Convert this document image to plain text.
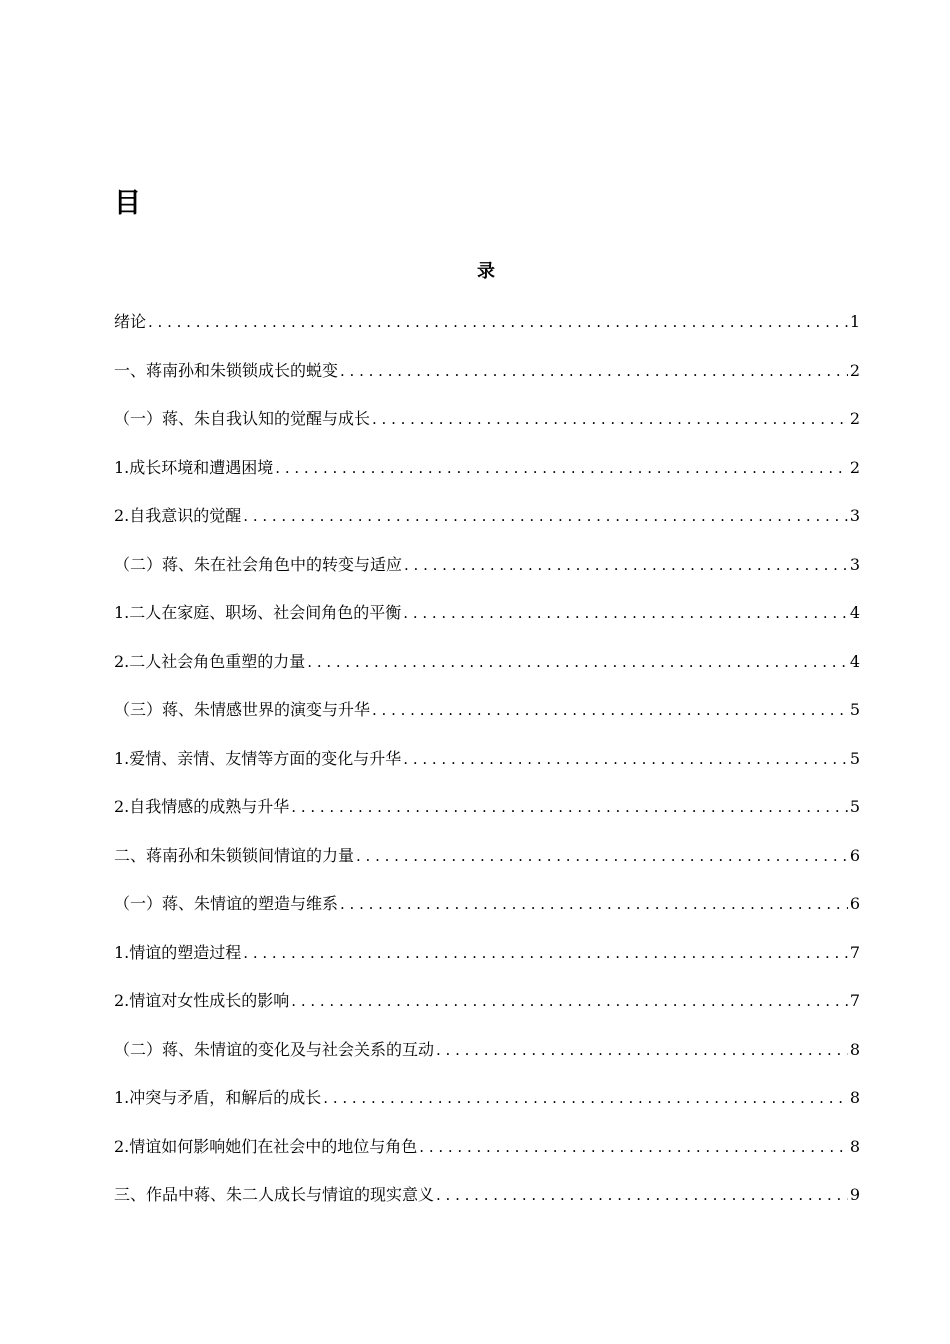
目
录
绪论 . . .	1
一、蒋南孙和朱锁锁成长的蜕变 . . .	2
（一）蒋、朱自我认知的觉醒与成长 . . .	2
1.成长环境和遭遇困境 . . .	2
2.自我意识的觉醒 . . .	3
（二）蒋、朱在社会角色中的转变与适应 . . .	3
1.二人在家庭、职场、社会间角色的平衡 . . .	4
2.二人社会角色重塑的力量 . . .	4
（三）蒋、朱情感世界的演变与升华 . . .	5
1.爱情、亲情、友情等方面的变化与升华 . . .	5
2.自我情感的成熟与升华 . . .	5
二、蒋南孙和朱锁锁间情谊的力量 . . .	6
（一）蒋、朱情谊的塑造与维系 . . .	6
1.情谊的塑造过程 . . .	7
2.情谊对女性成长的影响 . . .	7
（二）蒋、朱情谊的变化及与社会关系的互动 . . .	8
1.冲突与矛盾，和解后的成长 . . .	8
2.情谊如何影响她们在社会中的地位与角色 . . .	8
三、作品中蒋、朱二人成长与情谊的现实意义 . . .	9
